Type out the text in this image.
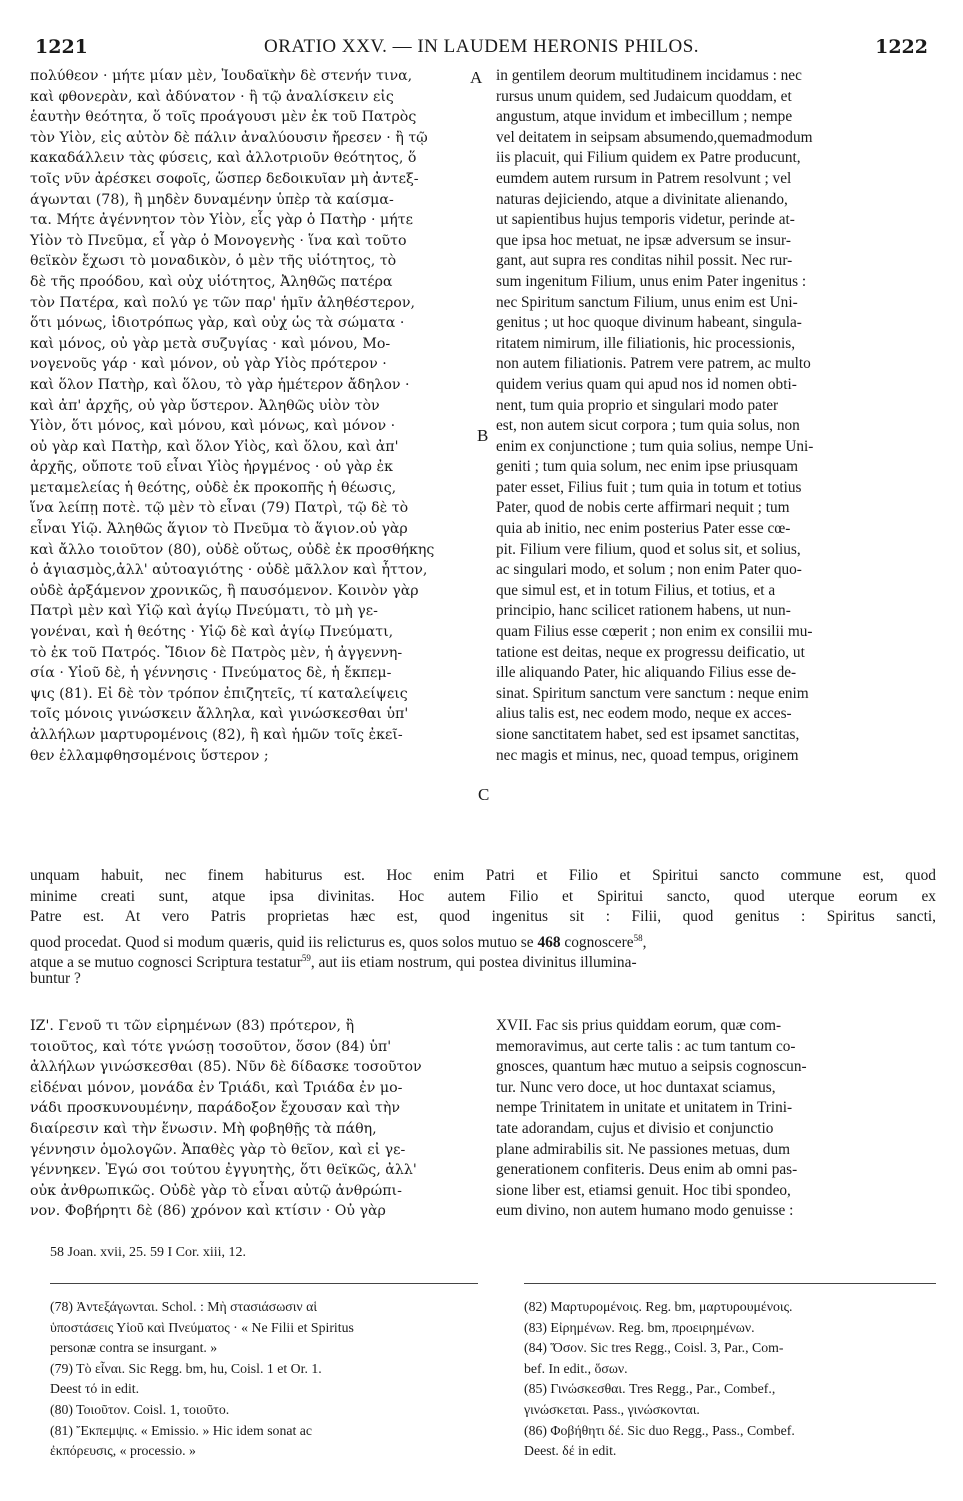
1221	ORATIO XXV. — IN LAUDEM HERONIS PHILOS.	1222
πολύθεον · μήτε μίαν μὲν, Ἰουδαϊκὴν δὲ στενήν τινα,
καὶ φθονερὰν, καὶ ἀδύνατον · ἢ τῷ ἀναλίσκειν εἰς
ἑαυτὴν θεότητα, ὅ τοῖς προάγουσι μὲν ἐκ τοῦ Πατρὸς
τὸν Υἱὸν, εἰς αὐτὸν δὲ πάλιν ἀναλύουσιν ἤρεσεν · ἢ τῷ
κακαδάλλειν τὰς φύσεις, καὶ ἀλλοτριοῦν θεότητος, ὅ
τοῖς νῦν ἀρέσκει σοφοῖς, ὥσπερ δεδοικυῖαν μὴ ἀντεξ-
άγωνται (78), ἢ μηδὲν δυναμένην ὑπὲρ τὰ καίσμα-
τα. Μήτε ἀγέννητον τὸν Υἱὸν, εἷς γὰρ ὁ Πατὴρ · μήτε
Υἱὸν τὸ Πνεῦμα, εἷ γὰρ ὁ Μονογενὴς · ἵνα καὶ τοῦτο
θεϊκὸν ἔχωσι τὸ μοναδικὸν, ὁ μὲν τῆς υἱότητος, τὸ
δὲ τῆς προόδου, καὶ οὐχ υἱότητος, Ἀληθῶς πατέρα
τὸν Πατέρα, καὶ πολύ γε τῶν παρ' ἡμῖν ἀληθέστερον,
ὅτι μόνως, ἰδιοτρόπως γὰρ, καὶ οὐχ ὡς τὰ σώματα ·
καὶ μόνος, οὐ γὰρ μετὰ συζυγίας · καὶ μόνου, Μο-
νογενοῦς γάρ · καὶ μόνον, οὐ γὰρ Υἱὸς πρότερον ·
καὶ ὅλον Πατὴρ, καὶ ὅλου, τὸ γὰρ ἡμέτερον ἄδηλον ·
καὶ ἀπ' ἀρχῆς, οὐ γὰρ ὕστερον. Ἀληθῶς υἱὸν τὸν
Υἱὸν, ὅτι μόνος, καὶ μόνου, καὶ μόνως, καὶ μόνον ·
οὐ γὰρ καὶ Πατὴρ, καὶ ὅλον Υἱὸς, καὶ ὅλου, καὶ ἀπ'
ἀρχῆς, οὔποτε τοῦ εἶναι Υἱὸς ἠργμένος · οὐ γὰρ ἐκ
μεταμελείας ἡ θεότης, οὐδὲ ἐκ προκοπῆς ἡ θέωσις,
ἵνα λείπῃ ποτὲ. τῷ μὲν τὸ εἶναι (79) Πατρὶ, τῷ δὲ τὸ
εἶναι Υἱῷ. Ἀληθῶς ἅγιον τὸ Πνεῦμα τὸ ἅγιον.οὐ γὰρ
καὶ ἄλλο τοιοῦτον (80), οὐδὲ οὕτως, οὐδὲ ἐκ προσθήκης
ὁ ἁγιασμὸς,ἀλλ' αὐτοαγιότης · οὐδὲ μᾶλλον καὶ ἧττον,
οὐδὲ ἀρξάμενον χρονικῶς, ἢ παυσόμενον. Κοινὸν γὰρ
Πατρὶ μὲν καὶ Υἱῷ καὶ ἁγίῳ Πνεύματι, τὸ μὴ γε-
γονέναι, καὶ ἡ θεότης · Υἱῷ δὲ καὶ ἁγίῳ Πνεύματι,
τὸ ἐκ τοῦ Πατρός. Ἴδιον δὲ Πατρὸς μὲν, ἡ ἀγγεννη-
σία · Υἱοῦ δὲ, ἡ γέννησις · Πνεύματος δὲ, ἡ ἔκπεμ-
ψις (81). Εἰ δὲ τὸν τρόπον ἐπιζητεῖς, τί καταλείψεις
τοῖς μόνοις γινώσκειν ἄλληλα, καὶ γινώσκεσθαι ὑπ'
ἀλλήλων μαρτυρομένοις (82), ἢ καὶ ἡμῶν τοῖς ἐκεῖ-
θεν ἐλλαμφθησομένοις ὕστερον ;
in gentilem deorum multitudinem incidamus : nec
rursus unum quidem, sed Judaicum quoddam, et
angustum, atque invidum et imbecillum ; nempe
vel deitatem in seipsam absumendo,quemadmodum
iis placuit, qui Filium quidem ex Patre producunt,
eumdem autem rursum in Patrem resolvunt ; vel
naturas dejiciendo, atque a divinitate alienando,
ut sapientibus hujus temporis videtur, perinde at-
que ipsa hoc metuat, ne ipsæ adversum se insur-
gant, aut supra res conditas nihil possit. Nec rur-
sum ingenitum Filium, unus enim Pater ingenitus :
nec Spiritum sanctum Filium, unus enim est Uni-
genitus ; ut hoc quoque divinum habeant, singula-
ritatem nimirum, ille filiationis, hic processionis,
non autem filiationis. Patrem vere patrem, ac multo
quidem verius quam qui apud nos id nomen obti-
nent, tum quia proprio et singulari modo pater
est, non autem sicut corpora ; tum quia solus, non
enim ex conjunctione ; tum quia solius, nempe Uni-
geniti ; tum quia solum, nec enim ipse priusquam
pater esset, Filius fuit ; tum quia in totum et totius
Pater, quod de nobis certe affirmari nequit ; tum
quia ab initio, nec enim posterius Pater esse cœ-
pit. Filium vere filium, quod et solus sit, et solius,
ac singulari modo, et solum ; non enim Pater quo-
que simul est, et in totum Filius, et totius, et a
principio, hanc scilicet rationem habens, ut nun-
quam Filius esse cœperit ; non enim ex consilii mu-
tatione est deitas, neque ex progressu deificatio, ut
ille aliquando Pater, hic aliquando Filius esse de-
sinat. Spiritum sanctum vere sanctum : neque enim
alius talis est, nec eodem modo, neque ex acces-
sione sanctitatem habet, sed est ipsamet sanctitas,
nec magis et minus, nec, quoad tempus, originem
A
B
C
unquam habuit, nec finem habiturus est. Hoc enim Patri et Filio et Spiritui sancto commune est, quod
minime creati sunt, atque ipsa divinitas. Hoc autem Filio et Spiritui sancto, quod uterque eorum ex
Patre est. At vero Patris proprietas hæc est, quod ingenitus sit : Filii, quod genitus : Spiritus sancti,
quod procedat. Quod si modum quæris, quid iis relicturus es, quos solos mutuo se 468 cognoscere$^{58}$,
atque a se mutuo cognosci Scriptura testatur$^{59}$, aut iis etiam nostrum, qui postea divinitus illumina-
buntur ?
ΙΖ'. Γενοῦ τι τῶν εἰρημένων (83) πρότερον, ἢ
τοιοῦτος, καὶ τότε γνώσῃ τοσοῦτον, ὅσον (84) ὑπ'
ἀλλήλων γινώσκεσθαι (85). Νῦν δὲ δίδασκε τοσοῦτον
εἰδέναι μόνον, μονάδα ἐν Τριάδι, καὶ Τριάδα ἐν μο-
νάδι προσκυνουμένην, παράδοξον ἔχουσαν καὶ τὴν
διαίρεσιν καὶ τὴν ἕνωσιν. Μὴ φοβηθῇς τὰ πάθη,
γέννησιν ὁμολογῶν. Ἀπαθὲς γὰρ τὸ θεῖον, καὶ εἰ γε-
γέννηκεν. Ἐγώ σοι τούτου ἐγγυητὴς, ὅτι θεϊκῶς, ἀλλ'
οὐκ ἀνθρωπικῶς. Οὐδὲ γὰρ τὸ εἶναι αὐτῷ ἀνθρώπι-
νον. Φοβήρητι δὲ (86) χρόνον καὶ κτίσιν · Οὐ γὰρ
XVII. Fac sis prius quiddam eorum, quæ com-
memoravimus, aut certe talis : ac tum tantum co-
gnosces, quantum hæc mutuo a seipsis cognoscun-
tur. Nunc vero doce, ut hoc duntaxat sciamus,
nempe Trinitatem in unitate et unitatem in Trini-
tate adorandam, cujus et divisio et conjunctio
plane admirabilis sit. Ne passiones metuas, dum
generationem confiteris. Deus enim ab omni pas-
sione liber est, etiamsi genuit. Hoc tibi spondeo,
eum divino, non autem humano modo genuisse :
58 Joan. xvii, 25. 59 I Cor. xiii, 12.
(78) Ἀντεξάγωνται. Schol. : Μὴ στασιάσωσιν αἱ
ὑποστάσεις Υἱοῦ καὶ Πνεύματος · « Ne Filii et Spiritus
personæ contra se insurgant. »
(79) Τὸ εἶναι. Sic Regg. bm, hu, Coisl. 1 et Or. 1.
Deest τό in edit.
(80) Τοιοῦτον. Coisl. 1, τοιοῦτο.
(81) Ἔκπεμψις. « Emissio. » Hic idem sonat ac
ἐκπόρευσις, « processio. »
(82) Μαρτυρομένοις. Reg. bm, μαρτυρουμένοις.
(83) Εἰρημένων. Reg. bm, προειρημένων.
(84) Ὅσον. Sic tres Regg., Coisl. 3, Par., Com-
bef. In edit., ὅσων.
(85) Γινώσκεσθαι. Tres Regg., Par., Combef.,
γινώσκεται. Pass., γινώσκονται.
(86) Φοβήθητι δέ. Sic duo Regg., Pass., Combef.
Deest. δέ in edit.
